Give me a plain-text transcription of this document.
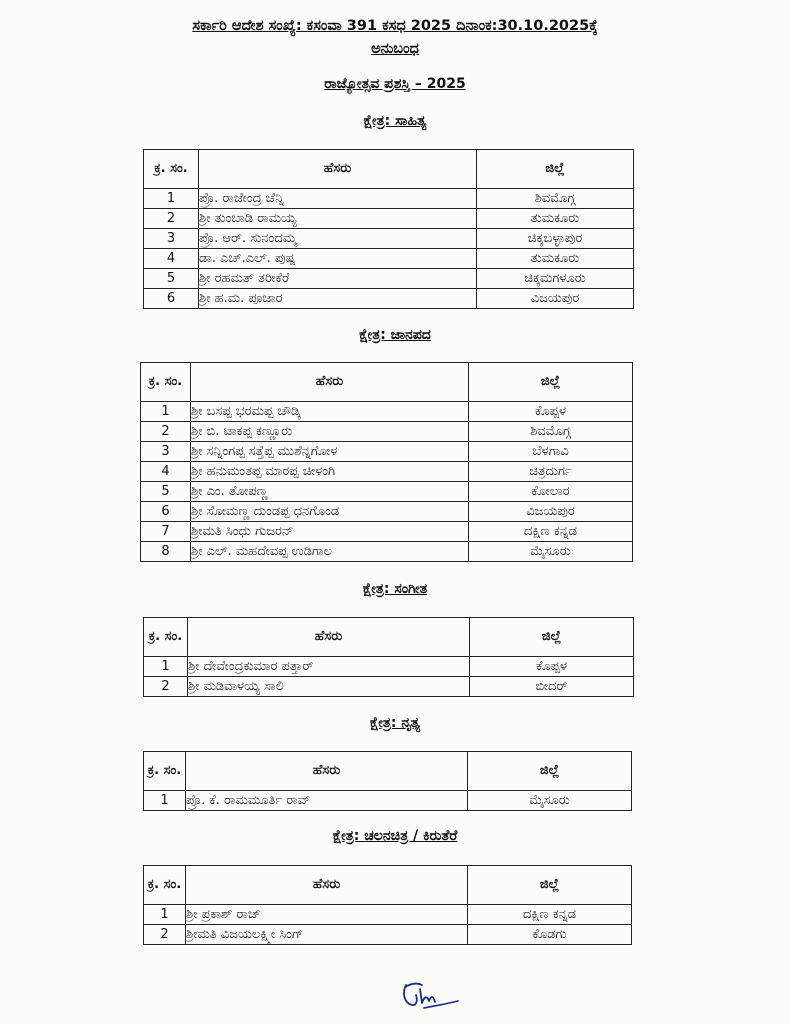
ಸರ್ಕಾರಿ ಆದೇಶ ಸಂಖ್ಯೆ: ಕಸಂವಾ 391 ಕಸಧ 2025 ದಿನಾಂಕ:30.10.2025ಕ್ಕೆ
ಅನುಬಂಧ
ರಾಜ್ಯೋತ್ಸವ ಪ್ರಶಸ್ತಿ – 2025
ಕ್ಷೇತ್ರ: ಸಾಹಿತ್ಯ
ಕ್ರ. ಸಂ.	ಹೆಸರು	ಜಿಲ್ಲೆ
1	ಪ್ರೊ. ರಾಜೇಂದ್ರ ಚೆನ್ನಿ	ಶಿವಮೊಗ್ಗ
2	ಶ್ರೀ ತುಂಬಾಡಿ ರಾಮಯ್ಯ	ತುಮಕೂರು
3	ಪ್ರೊ. ಆರ್. ಸುನಂದಮ್ಮ	ಚಿಕ್ಕಬಳ್ಳಾಪುರ
4	ಡಾ. ಎಚ್.ಎಲ್. ಪುಷ್ಪ	ತುಮಕೂರು
5	ಶ್ರೀ ರಹಮತ್ ತರೀಕೆರೆ	ಚಿಕ್ಕಮಗಳೂರು
6	ಶ್ರೀ ಹ.ಮ. ಪೂಜಾರ	ವಿಜಯಪುರ
ಕ್ಷೇತ್ರ: ಜಾನಪದ
ಕ್ರ. ಸಂ.	ಹೆಸರು	ಜಿಲ್ಲೆ
1	ಶ್ರೀ ಬಸಪ್ಪ ಭರಮಪ್ಪ ಚೌಡ್ಕಿ	ಕೊಪ್ಪಳ
2	ಶ್ರೀ ಬಿ. ಟಾಕಪ್ಪ ಕಣ್ಣೂರು	ಶಿವಮೊಗ್ಗ
3	ಶ್ರೀ ಸನ್ನಿಂಗಪ್ಪ ಸತ್ತೆಪ್ಪ ಮುಶೆನ್ನಗೋಳ	ಬೆಳಗಾವಿ
4	ಶ್ರೀ ಹನುಮಂತಪ್ಪ ಮಾರಪ್ಪ ಚೀಳಂಗಿ	ಚಿತ್ರದುರ್ಗ
5	ಶ್ರೀ ಎಂ. ತೋಪಣ್ಣ	ಕೋಲಾರ
6	ಶ್ರೀ ಸೋಮಣ್ಣ ದುಂಡಪ್ಪ ಧನಗೊಂಡ	ವಿಜಯಪುರ
7	ಶ್ರೀಮತಿ ಸಿಂಧು ಗುಜರನ್	ದಕ್ಷಿಣ ಕನ್ನಡ
8	ಶ್ರೀ ಎಲ್. ಮಹದೇವಪ್ಪ ಉಡಿಗಾಲ	ಮೈಸೂರು
ಕ್ಷೇತ್ರ: ಸಂಗೀತ
ಕ್ರ. ಸಂ.	ಹೆಸರು	ಜಿಲ್ಲೆ
1	ಶ್ರೀ ದೇವೇಂದ್ರಕುಮಾರ ಪತ್ತಾರ್	ಕೊಪ್ಪಳ
2	ಶ್ರೀ ಮಡಿವಾಳಯ್ಯ ಸಾಲಿ	ಬೀದರ್
ಕ್ಷೇತ್ರ: ನೃತ್ಯ
ಕ್ರ. ಸಂ.	ಹೆಸರು	ಜಿಲ್ಲೆ
1	ಪ್ರೊ. ಕೆ. ರಾಮಮೂರ್ತಿ ರಾವ್	ಮೈಸೂರು
ಕ್ಷೇತ್ರ: ಚಲನಚಿತ್ರ / ಕಿರುತೆರೆ
ಕ್ರ. ಸಂ.	ಹೆಸರು	ಜಿಲ್ಲೆ
1	ಶ್ರೀ ಪ್ರಕಾಶ್ ರಾಜ್	ದಕ್ಷಿಣ ಕನ್ನಡ
2	ಶ್ರೀಮತಿ ವಿಜಯಲಕ್ಷ್ಮೀ ಸಿಂಗ್	ಕೊಡಗು
